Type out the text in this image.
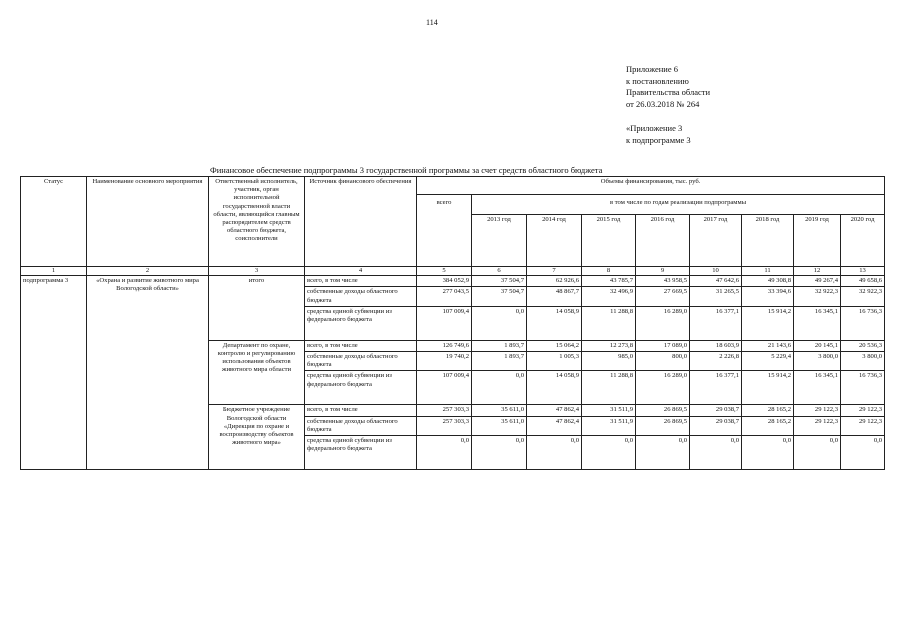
114
Приложение 6
к постановлению
Правительства области
от 26.03.2018 № 264
«Приложение 3
к подпрограмме 3
Финансовое обеспечение подпрограммы 3 государственной программы за счет средств областного бюджета
Статус	Наименование основного мероприятия	Ответственный исполнитель, участник, орган исполнительной государственной власти области, являющийся главным распорядителем средств областного бюджета, соисполнители	Источник финансового обеспечения	Объемы финансирования, тыс. руб.								
				всего	в том числе по годам реализации подпрограммы							
					2013 год	2014 год	2015 год	2016 год	2017 год	2018 год	2019 год	2020 год
1	2	3	4	5	6	7	8	9	10	11	12	13
подпрограмма 3	«Охрана и развитие животного мира Вологодской области»	итого	всего, в том числе	384 052,9	37 504,7	62 926,6	43 785,7	43 958,5	47 642,6	49 308,8	49 267,4	49 658,6
			собственные доходы областного бюджета	277 043,5	37 504,7	48 867,7	32 496,9	27 669,5	31 265,5	33 394,6	32 922,3	32 922,3
			средства единой субвенции из федерального бюджета	107 009,4	0,0	14 058,9	11 288,8	16 289,0	16 377,1	15 914,2	16 345,1	16 736,3
		Департамент по охране, контролю и регулированию использования объектов животного мира области	всего, в том числе	126 749,6	1 893,7	15 064,2	12 273,8	17 089,0	18 603,9	21 143,6	20 145,1	20 536,3
			собственные доходы областного бюджета	19 740,2	1 893,7	1 005,3	985,0	800,0	2 226,8	5 229,4	3 800,0	3 800,0
			средства единой субвенции из федерального бюджета	107 009,4	0,0	14 058,9	11 288,8	16 289,0	16 377,1	15 914,2	16 345,1	16 736,3
		Бюджетное учреждение Вологодской области «Дирекция по охране и воспроизводству объектов животного мира»	всего, в том числе	257 303,3	35 611,0	47 862,4	31 511,9	26 869,5	29 038,7	28 165,2	29 122,3	29 122,3
			собственные доходы областного бюджета	257 303,3	35 611,0	47 862,4	31 511,9	26 869,5	29 038,7	28 165,2	29 122,3	29 122,3
			средства единой субвенции из федерального бюджета	0,0	0,0	0,0	0,0	0,0	0,0	0,0	0,0	0,0
